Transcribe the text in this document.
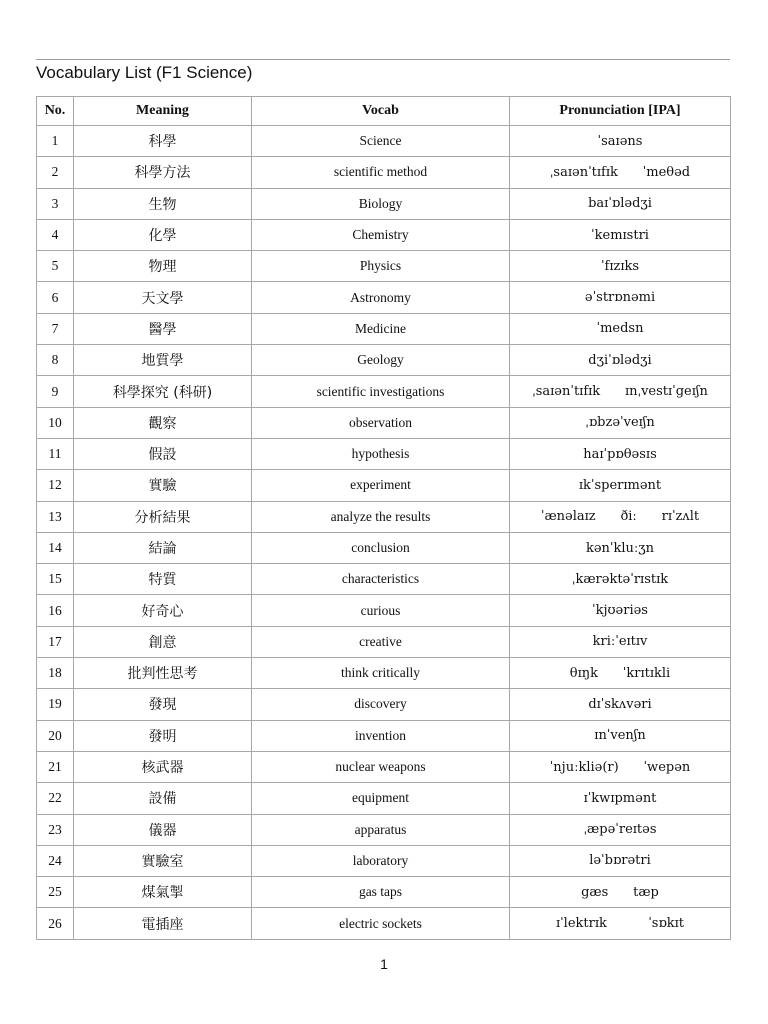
Vocabulary List (F1 Science)
No.	Meaning	Vocab	Pronunciation [IPA]
1	科學	Science	ˈsaɪəns
2	科學方法	scientific method	ˌsaɪənˈtɪfɪk      ˈmeθəd
3	生物	Biology	baɪˈɒlədʒi
4	化學	Chemistry	ˈkemɪstri
5	物理	Physics	ˈfɪzɪks
6	天文學	Astronomy	əˈstrɒnəmi
7	醫學	Medicine	ˈmedsn
8	地質學	Geology	dʒiˈɒlədʒi
9	科學探究 (科研)	scientific investigations	ˌsaɪənˈtɪfɪk      ɪnˌvestɪˈgeɪʃn
10	觀察	observation	ˌɒbzəˈveɪʃn
11	假設	hypothesis	haɪˈpɒθəsɪs
12	實驗	experiment	ɪkˈsperɪmənt
13	分析結果	analyze the results	ˈænəlaɪz      ðiː      rɪˈzʌlt
14	結論	conclusion	kənˈkluːʒn
15	特質	characteristics	ˌkærəktəˈrɪstɪk
16	好奇心	curious	ˈkjʊəriəs
17	創意	creative	kriːˈeɪtɪv
18	批判性思考	think critically	θɪŋk      ˈkrɪtɪkli
19	發現	discovery	dɪˈskʌvəri
20	發明	invention	ɪnˈvenʃn
21	核武器	nuclear weapons	ˈnjuːkliə(r)      ˈwepən
22	設備	equipment	ɪˈkwɪpmənt
23	儀器	apparatus	ˌæpəˈreɪtəs
24	實驗室	laboratory	ləˈbɒrətri
25	煤氣掣	gas taps	gæs      tæp
26	電插座	electric sockets	ɪˈlektrɪk          ˈsɒkɪt
1
